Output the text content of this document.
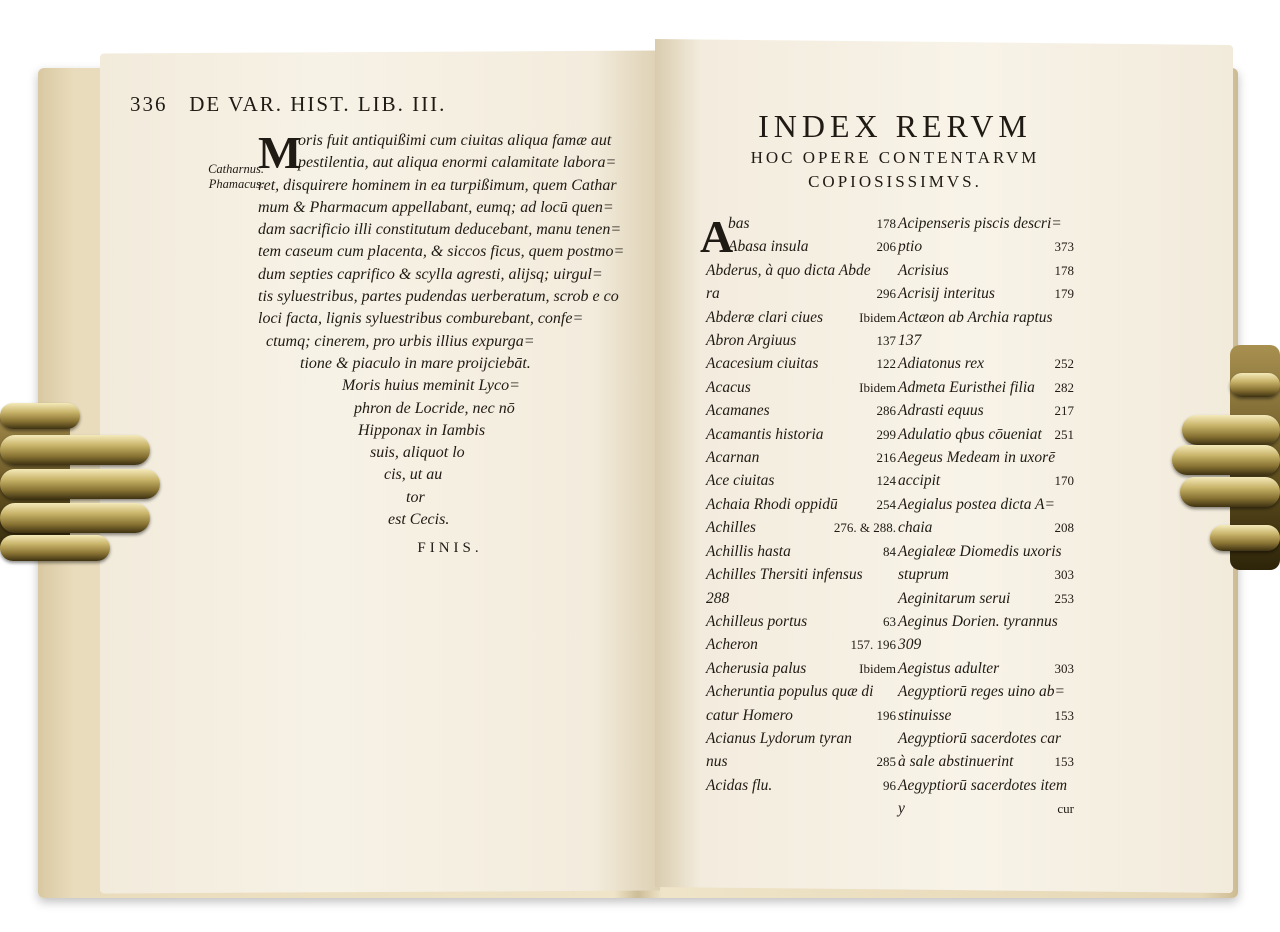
336 DE VAR. HIST. LIB. III.
Catharnus.
Phamacus.
M
oris fuit antiquißimi cum ciuitas aliqua famæ aut
pestilentia, aut aliqua enormi calamitate labora=
ret, disquirere hominem in ea turpißimum, quem Cathar
mum & Pharmacum appellabant, eumq; ad locū quen=
dam sacrificio illi constitutum deducebant, manu tenen=
tem caseum cum placenta, & siccos ficus, quem postmo=
dum septies caprifico & scylla agresti, alijsq; uirgul=
tis syluestribus, partes pudendas uerberatum, scrob e co
loci facta, lignis syluestribus comburebant, confe=
ctumq; cinerem, pro urbis illius expurga=
tione & piaculo in mare proijciebāt.
Moris huius meminit Lyco=
phron de Locride, nec nō
Hipponax in Iambis
suis, aliquot lo
cis, ut au
tor
est Cecis.
FINIS.
INDEX RERVM
HOC OPERE CONTENTARVM
COPIOSISSIMVS.
A
bas	178
Abasa insula	206
Abderus, à quo dicta Abde
ra	296
Abderæ clari ciues	Ibidem
Abron Argiuus	137
Acacesium ciuitas	122
Acacus	Ibidem
Acamanes	286
Acamantis historia	299
Acarnan	216
Ace ciuitas	124
Achaia Rhodi oppidū	254
Achilles	276. & 288.
Achillis hasta	84
Achilles Thersiti infensus
288
Achilleus portus	63
Acheron	157. 196
Acherusia palus	Ibidem
Acheruntia populus quæ di
catur Homero	196
Acianus Lydorum tyran
nus	285
Acidas flu.	96
Acipenseris piscis descri=
ptio	373
Acrisius	178
Acrisij interitus	179
Actæon ab Archia raptus
137
Adiatonus rex	252
Admeta Euristhei filia 282
Adrasti equus	217
Adulatio qbus cōueniat 251
Aegeus Medeam in uxorē
accipit	170
Aegialus postea dicta A=
chaia	208
Aegialeæ Diomedis uxoris
stuprum	303
Aeginitarum serui	253
Aeginus Dorien. tyrannus
309
Aegistus adulter	303
Aegyptiorū reges uino ab=
stinuisse	153
Aegyptiorū sacerdotes car
à sale abstinuerint	153
Aegyptiorū sacerdotes item
y	cur
